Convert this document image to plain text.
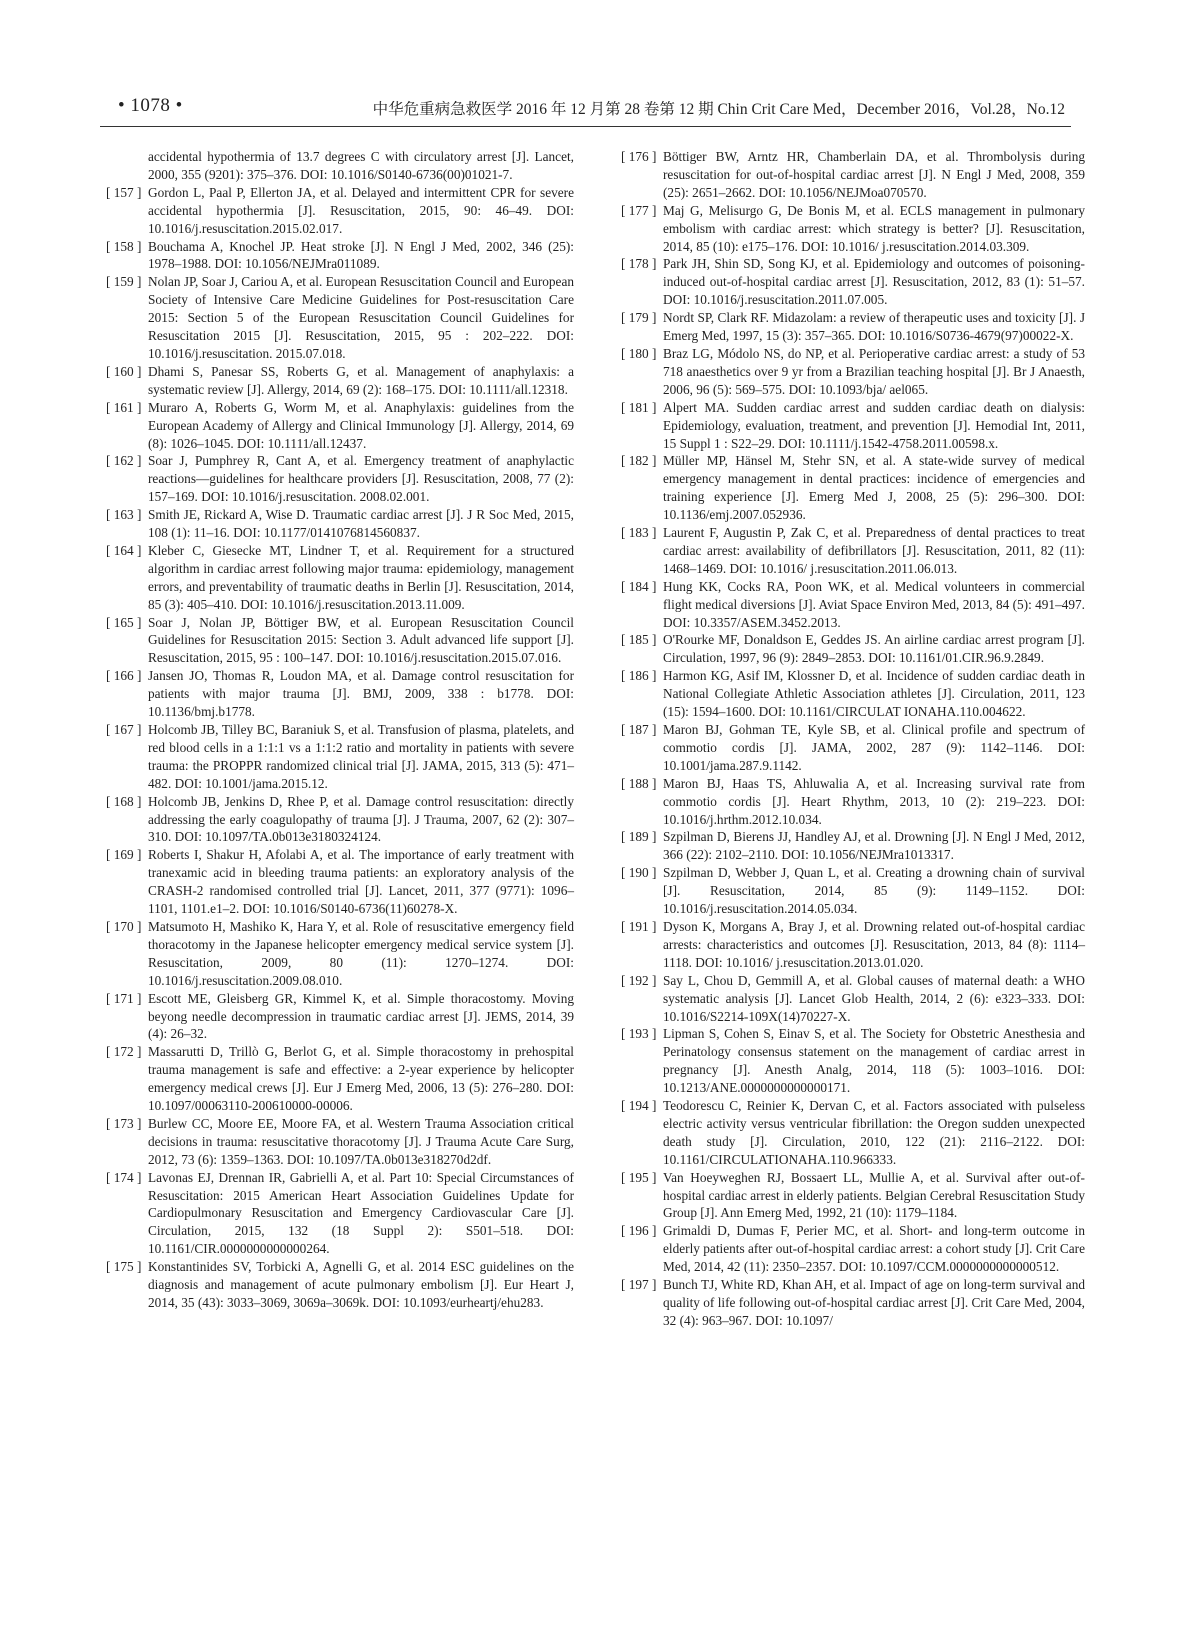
• 1078 •	中华危重病急救医学 2016 年 12 月第 28 卷第 12 期 Chin Crit Care Med，December 2016，Vol.28，No.12

accidental hypothermia of 13.7 degrees C with circulatory arrest [J]. Lancet, 2000, 355 (9201): 375–376. DOI: 10.1016/S0140-6736(00)01021-7.

[ 157 ] Gordon L, Paal P, Ellerton JA, et al. Delayed and intermittent CPR for severe accidental hypothermia [J]. Resuscitation, 2015, 90: 46–49. DOI: 10.1016/j.resuscitation.2015.02.017.

[ 158 ] Bouchama A, Knochel JP. Heat stroke [J]. N Engl J Med, 2002, 346 (25): 1978–1988. DOI: 10.1056/NEJMra011089.

[ 159 ] Nolan JP, Soar J, Cariou A, et al. European Resuscitation Council and European Society of Intensive Care Medicine Guidelines for Post-resuscitation Care 2015: Section 5 of the European Resuscitation Council Guidelines for Resuscitation 2015 [J]. Resuscitation, 2015, 95 : 202–222. DOI: 10.1016/j.resuscitation. 2015.07.018.

[ 160 ] Dhami S, Panesar SS, Roberts G, et al. Management of anaphylaxis: a systematic review [J]. Allergy, 2014, 69 (2): 168–175. DOI: 10.1111/all.12318.

[ 161 ] Muraro A, Roberts G, Worm M, et al. Anaphylaxis: guidelines from the European Academy of Allergy and Clinical Immunology [J]. Allergy, 2014, 69 (8): 1026–1045. DOI: 10.1111/all.12437.

[ 162 ] Soar J, Pumphrey R, Cant A, et al. Emergency treatment of anaphylactic reactions—guidelines for healthcare providers [J]. Resuscitation, 2008, 77 (2): 157–169. DOI: 10.1016/j.resuscitation. 2008.02.001.

[ 163 ] Smith JE, Rickard A, Wise D. Traumatic cardiac arrest [J]. J R Soc Med, 2015, 108 (1): 11–16. DOI: 10.1177/0141076814560837.

[ 164 ] Kleber C, Giesecke MT, Lindner T, et al. Requirement for a structured algorithm in cardiac arrest following major trauma: epidemiology, management errors, and preventability of traumatic deaths in Berlin [J]. Resuscitation, 2014, 85 (3): 405–410. DOI: 10.1016/j.resuscitation.2013.11.009.

[ 165 ] Soar J, Nolan JP, Böttiger BW, et al. European Resuscitation Council Guidelines for Resuscitation 2015: Section 3. Adult advanced life support [J]. Resuscitation, 2015, 95 : 100–147. DOI: 10.1016/j.resuscitation.2015.07.016.

[ 166 ] Jansen JO, Thomas R, Loudon MA, et al. Damage control resuscitation for patients with major trauma [J]. BMJ, 2009, 338 : b1778. DOI: 10.1136/bmj.b1778.

[ 167 ] Holcomb JB, Tilley BC, Baraniuk S, et al. Transfusion of plasma, platelets, and red blood cells in a 1:1:1 vs a 1:1:2 ratio and mortality in patients with severe trauma: the PROPPR randomized clinical trial [J]. JAMA, 2015, 313 (5): 471–482. DOI: 10.1001/jama.2015.12.

[ 168 ] Holcomb JB, Jenkins D, Rhee P, et al. Damage control resuscitation: directly addressing the early coagulopathy of trauma [J]. J Trauma, 2007, 62 (2): 307–310. DOI: 10.1097/TA.0b013e3180324124.

[ 169 ] Roberts I, Shakur H, Afolabi A, et al. The importance of early treatment with tranexamic acid in bleeding trauma patients: an exploratory analysis of the CRASH-2 randomised controlled trial [J]. Lancet, 2011, 377 (9771): 1096–1101, 1101.e1–2. DOI: 10.1016/S0140-6736(11)60278-X.

[ 170 ] Matsumoto H, Mashiko K, Hara Y, et al. Role of resuscitative emergency field thoracotomy in the Japanese helicopter emergency medical service system [J]. Resuscitation, 2009, 80 (11): 1270–1274. DOI: 10.1016/j.resuscitation.2009.08.010.

[ 171 ] Escott ME, Gleisberg GR, Kimmel K, et al. Simple thoracostomy. Moving beyong needle decompression in traumatic cardiac arrest [J]. JEMS, 2014, 39 (4): 26–32.

[ 172 ] Massarutti D, Trillò G, Berlot G, et al. Simple thoracostomy in prehospital trauma management is safe and effective: a 2-year experience by helicopter emergency medical crews [J]. Eur J Emerg Med, 2006, 13 (5): 276–280. DOI: 10.1097/00063110-200610000-00006.

[ 173 ] Burlew CC, Moore EE, Moore FA, et al. Western Trauma Association critical decisions in trauma: resuscitative thoracotomy [J]. J Trauma Acute Care Surg, 2012, 73 (6): 1359–1363. DOI: 10.1097/TA.0b013e318270d2df.

[ 174 ] Lavonas EJ, Drennan IR, Gabrielli A, et al. Part 10: Special Circumstances of Resuscitation: 2015 American Heart Association Guidelines Update for Cardiopulmonary Resuscitation and Emergency Cardiovascular Care [J]. Circulation, 2015, 132 (18 Suppl 2): S501–518. DOI: 10.1161/CIR.0000000000000264.

[ 175 ] Konstantinides SV, Torbicki A, Agnelli G, et al. 2014 ESC guidelines on the diagnosis and management of acute pulmonary embolism [J]. Eur Heart J, 2014, 35 (43): 3033–3069, 3069a–3069k. DOI: 10.1093/eurheartj/ehu283.

[ 176 ] Böttiger BW, Arntz HR, Chamberlain DA, et al. Thrombolysis during resuscitation for out-of-hospital cardiac arrest [J]. N Engl J Med, 2008, 359 (25): 2651–2662. DOI: 10.1056/NEJMoa070570.

[ 177 ] Maj G, Melisurgo G, De Bonis M, et al. ECLS management in pulmonary embolism with cardiac arrest: which strategy is better? [J]. Resuscitation, 2014, 85 (10): e175–176. DOI: 10.1016/ j.resuscitation.2014.03.309.

[ 178 ] Park JH, Shin SD, Song KJ, et al. Epidemiology and outcomes of poisoning-induced out-of-hospital cardiac arrest [J]. Resuscitation, 2012, 83 (1): 51–57. DOI: 10.1016/j.resuscitation.2011.07.005.

[ 179 ] Nordt SP, Clark RF. Midazolam: a review of therapeutic uses and toxicity [J]. J Emerg Med, 1997, 15 (3): 357–365. DOI: 10.1016/S0736-4679(97)00022-X.

[ 180 ] Braz LG, Módolo NS, do NP, et al. Perioperative cardiac arrest: a study of 53 718 anaesthetics over 9 yr from a Brazilian teaching hospital [J]. Br J Anaesth, 2006, 96 (5): 569–575. DOI: 10.1093/bja/ ael065.

[ 181 ] Alpert MA. Sudden cardiac arrest and sudden cardiac death on dialysis: Epidemiology, evaluation, treatment, and prevention [J]. Hemodial Int, 2011, 15 Suppl 1 : S22–29. DOI: 10.1111/j.1542-4758.2011.00598.x.

[ 182 ] Müller MP, Hänsel M, Stehr SN, et al. A state-wide survey of medical emergency management in dental practices: incidence of emergencies and training experience [J]. Emerg Med J, 2008, 25 (5): 296–300. DOI: 10.1136/emj.2007.052936.

[ 183 ] Laurent F, Augustin P, Zak C, et al. Preparedness of dental practices to treat cardiac arrest: availability of defibrillators [J]. Resuscitation, 2011, 82 (11): 1468–1469. DOI: 10.1016/ j.resuscitation.2011.06.013.

[ 184 ] Hung KK, Cocks RA, Poon WK, et al. Medical volunteers in commercial flight medical diversions [J]. Aviat Space Environ Med, 2013, 84 (5): 491–497. DOI: 10.3357/ASEM.3452.2013.

[ 185 ] O'Rourke MF, Donaldson E, Geddes JS. An airline cardiac arrest program [J]. Circulation, 1997, 96 (9): 2849–2853. DOI: 10.1161/01.CIR.96.9.2849.

[ 186 ] Harmon KG, Asif IM, Klossner D, et al. Incidence of sudden cardiac death in National Collegiate Athletic Association athletes [J]. Circulation, 2011, 123 (15): 1594–1600. DOI: 10.1161/CIRCULAT IONAHA.110.004622.

[ 187 ] Maron BJ, Gohman TE, Kyle SB, et al. Clinical profile and spectrum of commotio cordis [J]. JAMA, 2002, 287 (9): 1142–1146. DOI: 10.1001/jama.287.9.1142.

[ 188 ] Maron BJ, Haas TS, Ahluwalia A, et al. Increasing survival rate from commotio cordis [J]. Heart Rhythm, 2013, 10 (2): 219–223. DOI: 10.1016/j.hrthm.2012.10.034.

[ 189 ] Szpilman D, Bierens JJ, Handley AJ, et al. Drowning [J]. N Engl J Med, 2012, 366 (22): 2102–2110. DOI: 10.1056/NEJMra1013317.

[ 190 ] Szpilman D, Webber J, Quan L, et al. Creating a drowning chain of survival [J]. Resuscitation, 2014, 85 (9): 1149–1152. DOI: 10.1016/j.resuscitation.2014.05.034.

[ 191 ] Dyson K, Morgans A, Bray J, et al. Drowning related out-of-hospital cardiac arrests: characteristics and outcomes [J]. Resuscitation, 2013, 84 (8): 1114–1118. DOI: 10.1016/ j.resuscitation.2013.01.020.

[ 192 ] Say L, Chou D, Gemmill A, et al. Global causes of maternal death: a WHO systematic analysis [J]. Lancet Glob Health, 2014, 2 (6): e323–333. DOI: 10.1016/S2214-109X(14)70227-X.

[ 193 ] Lipman S, Cohen S, Einav S, et al. The Society for Obstetric Anesthesia and Perinatology consensus statement on the management of cardiac arrest in pregnancy [J]. Anesth Analg, 2014, 118 (5): 1003–1016. DOI: 10.1213/ANE.0000000000000171.

[ 194 ] Teodorescu C, Reinier K, Dervan C, et al. Factors associated with pulseless electric activity versus ventricular fibrillation: the Oregon sudden unexpected death study [J]. Circulation, 2010, 122 (21): 2116–2122. DOI: 10.1161/CIRCULATIONAHA.110.966333.

[ 195 ] Van Hoeyweghen RJ, Bossaert LL, Mullie A, et al. Survival after out-of-hospital cardiac arrest in elderly patients. Belgian Cerebral Resuscitation Study Group [J]. Ann Emerg Med, 1992, 21 (10): 1179–1184.

[ 196 ] Grimaldi D, Dumas F, Perier MC, et al. Short- and long-term outcome in elderly patients after out-of-hospital cardiac arrest: a cohort study [J]. Crit Care Med, 2014, 42 (11): 2350–2357. DOI: 10.1097/CCM.0000000000000512.

[ 197 ] Bunch TJ, White RD, Khan AH, et al. Impact of age on long-term survival and quality of life following out-of-hospital cardiac arrest [J]. Crit Care Med, 2004, 32 (4): 963–967. DOI: 10.1097/
